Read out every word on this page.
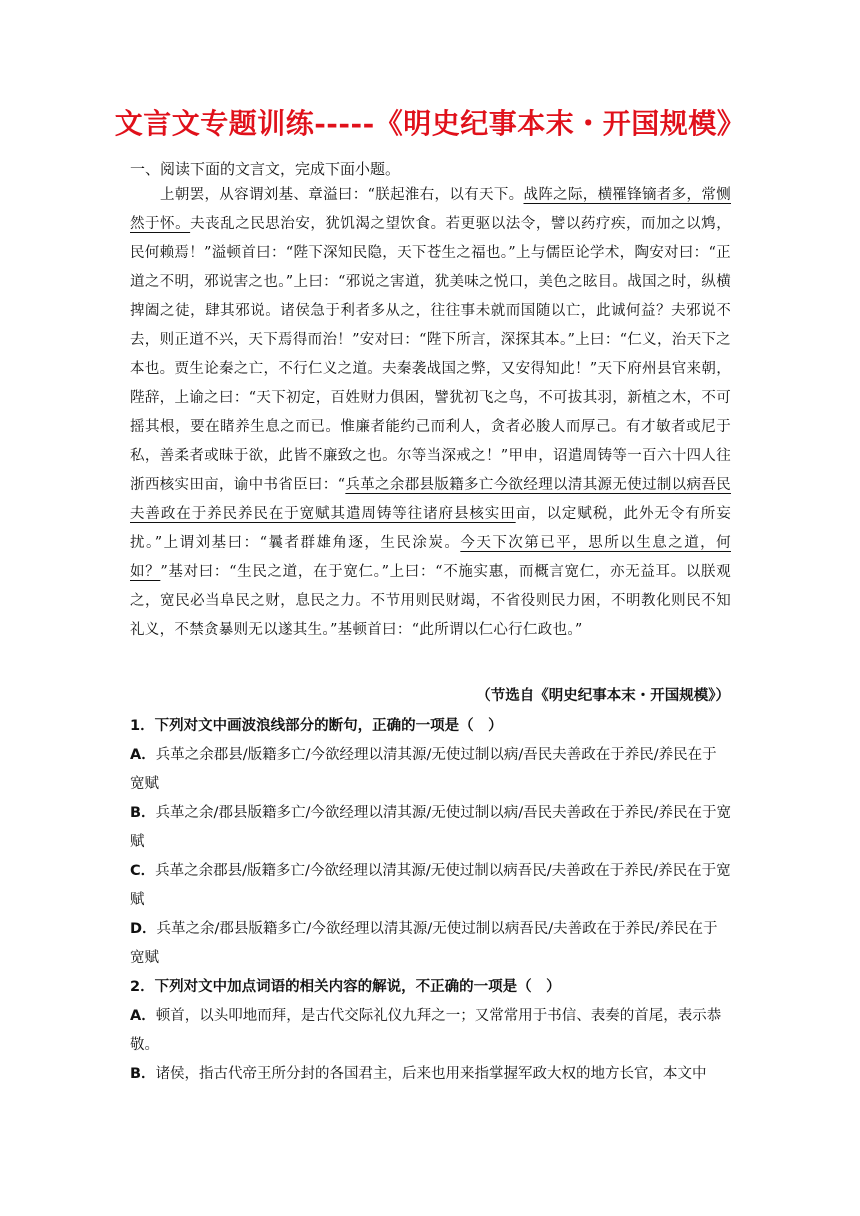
文言文专题训练-----《明史纪事本末・开国规模》
一、阅读下面的文言文，完成下面小题。
上朝罢，从容谓刘基、章溢曰：“朕起淮右，以有天下。战阵之际，横罹锋镝者多，常恻然于怀。夫丧乱之民思治安，犹饥渴之望饮食。若更驱以法令，譬以药疗疾，而加之以鸩，民何赖焉！”溢顿首曰：“陛下深知民隐，天下苍生之福也。”上与儒臣论学术，陶安对曰：“正道之不明，邪说害之也。”上曰：“邪说之害道，犹美味之悦口，美色之眩目。战国之时，纵横捭阖之徒，肆其邪说。诸侯急于利者多从之，往往事未就而国随以亡，此诚何益？夫邪说不去，则正道不兴，天下焉得而治！”安对曰：“陛下所言，深探其本。”上曰：“仁义，治天下之本也。贾生论秦之亡，不行仁义之道。夫秦袭战国之弊，又安得知此！”天下府州县官来朝，陛辞，上谕之曰：“天下初定，百姓财力俱困，譬犹初飞之鸟，不可拔其羽，新植之木，不可摇其根，要在睹养生息之而已。惟廉者能约己而利人，贪者必朘人而厚己。有才敏者或尼于私，善柔者或昧于欲，此皆不廉致之也。尔等当深戒之！”甲申，诏遣周铸等一百六十四人往浙西核实田亩，谕中书省臣曰：“兵革之余郡县版籍多亡今欲经理以清其源无使过制以病吾民夫善政在于养民养民在于宽赋其遣周铸等往诸府县核实田亩，以定赋税，此外无令有所妄扰。”上谓刘基曰：“曩者群雄角逐，生民涂炭。今天下次第已平，思所以生息之道，何如？”基对曰：“生民之道，在于宽仁。”上曰：“不施实惠，而概言宽仁，亦无益耳。以朕观之，宽民必当阜民之财，息民之力。不节用则民财竭，不省役则民力困，不明教化则民不知礼义，不禁贪暴则无以遂其生。”基顿首曰：“此所谓以仁心行仁政也。”
（节选自《明史纪事本末・开国规模》）
1．下列对文中画波浪线部分的断句，正确的一项是（　）
A．兵革之余郡县/版籍多亡/今欲经理以清其源/无使过制以病/吾民夫善政在于养民/养民在于宽赋
B．兵革之余/郡县版籍多亡/今欲经理以清其源/无使过制以病/吾民夫善政在于养民/养民在于宽赋
C．兵革之余郡县/版籍多亡/今欲经理以清其源/无使过制以病吾民/夫善政在于养民/养民在于宽赋
D．兵革之余/郡县版籍多亡/今欲经理以清其源/无使过制以病吾民/夫善政在于养民/养民在于宽赋
2．下列对文中加点词语的相关内容的解说，不正确的一项是（　）
A．顿首，以头叩地而拜，是古代交际礼仪九拜之一；又常常用于书信、表奏的首尾，表示恭敬。
B．诸侯，指古代帝王所分封的各国君主，后来也用来指掌握军政大权的地方长官，本文中
